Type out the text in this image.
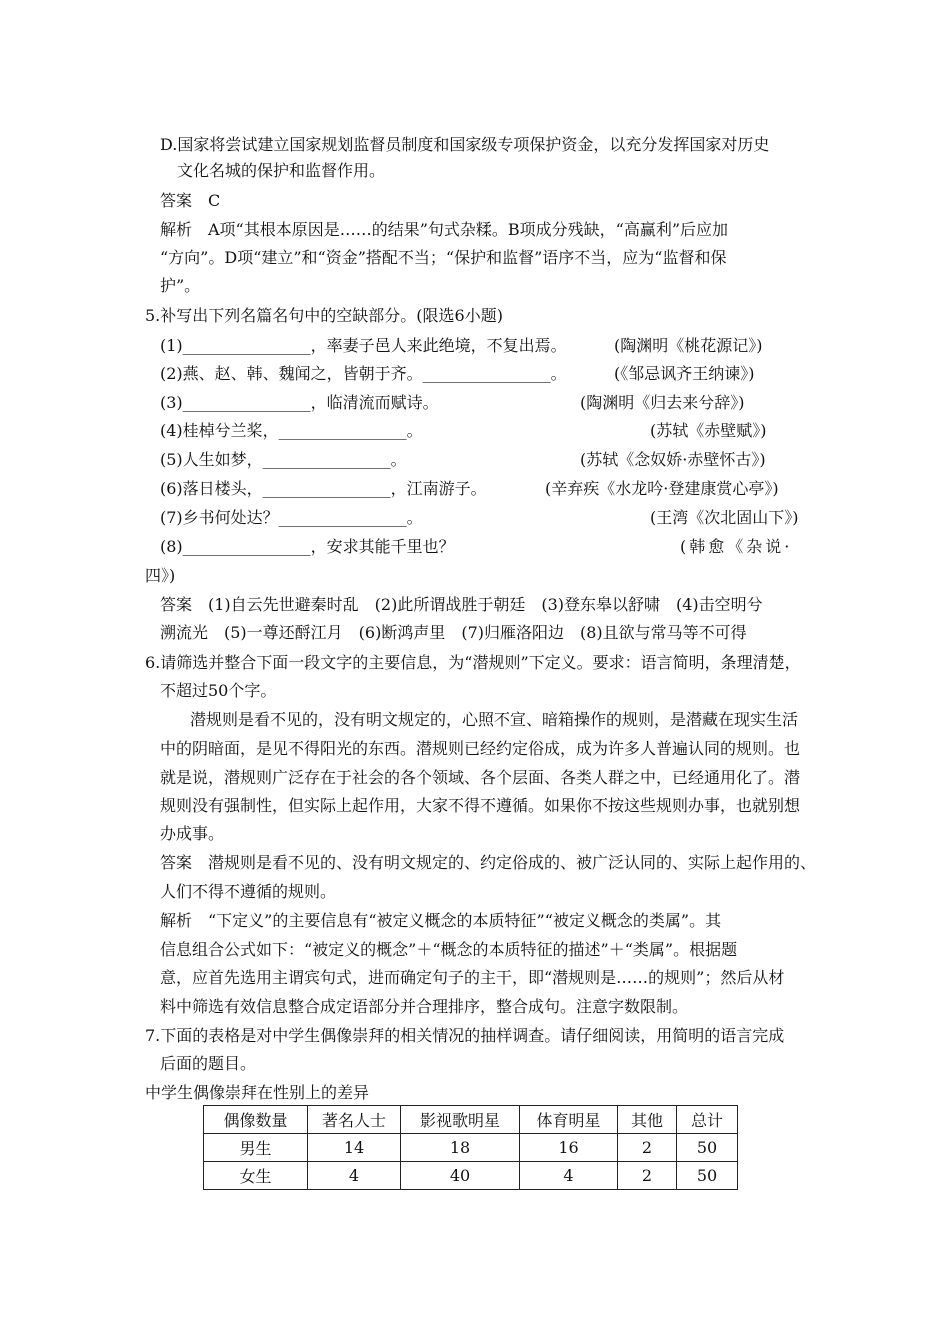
D.国家将尝试建立国家规划监督员制度和国家级专项保护资金，以充分发挥国家对历史
文化名城的保护和监督作用。
答案　C
解析　A项“其根本原因是……的结果”句式杂糅。B项成分残缺，“高赢利”后应加
“方向”。D项“建立”和“资金”搭配不当；“保护和监督”语序不当，应为“监督和保
护”。
5.补写出下列名篇名句中的空缺部分。(限选6小题)
(1)________________，率妻子邑人来此绝境，不复出焉。	(陶渊明《桃花源记》)
(2)燕、赵、韩、魏闻之，皆朝于齐。________________。	(《邹忌讽齐王纳谏》)
(3)________________，临清流而赋诗。	(陶渊明《归去来兮辞》)
(4)桂棹兮兰桨，________________。	(苏轼《赤壁赋》)
(5)人生如梦，________________。	(苏轼《念奴娇·赤壁怀古》)
(6)落日楼头，________________，江南游子。	(辛弃疾《水龙吟·登建康赏心亭》)
(7)乡书何处达？________________。	(王湾《次北固山下》)
(8)________________，安求其能千里也？	(韩愈《杂说·
四》)
答案　(1)自云先世避秦时乱　(2)此所谓战胜于朝廷　(3)登东皋以舒啸　(4)击空明兮
溯流光　(5)一尊还酹江月　(6)断鸿声里　(7)归雁洛阳边　(8)且欲与常马等不可得
6.请筛选并整合下面一段文字的主要信息，为“潜规则”下定义。要求：语言简明，条理清楚，
不超过50个字。
潜规则是看不见的，没有明文规定的，心照不宣、暗箱操作的规则，是潜藏在现实生活
中的阴暗面，是见不得阳光的东西。潜规则已经约定俗成，成为许多人普遍认同的规则。也
就是说，潜规则广泛存在于社会的各个领域、各个层面、各类人群之中，已经通用化了。潜
规则没有强制性，但实际上起作用，大家不得不遵循。如果你不按这些规则办事，也就别想
办成事。
答案　潜规则是看不见的、没有明文规定的、约定俗成的、被广泛认同的、实际上起作用的、
人们不得不遵循的规则。
解析　“下定义”的主要信息有“被定义概念的本质特征”“被定义概念的类属”。其
信息组合公式如下：“被定义的概念”＋“概念的本质特征的描述”＋“类属”。根据题
意，应首先选用主谓宾句式，进而确定句子的主干，即“潜规则是……的规则”；然后从材
料中筛选有效信息整合成定语部分并合理排序，整合成句。注意字数限制。
7.下面的表格是对中学生偶像崇拜的相关情况的抽样调查。请仔细阅读，用简明的语言完成
后面的题目。
中学生偶像崇拜在性别上的差异
偶像数量	著名人士	影视歌明星	体育明星	其他	总计
男生	14	18	16	2	50
女生	4	40	4	2	50
